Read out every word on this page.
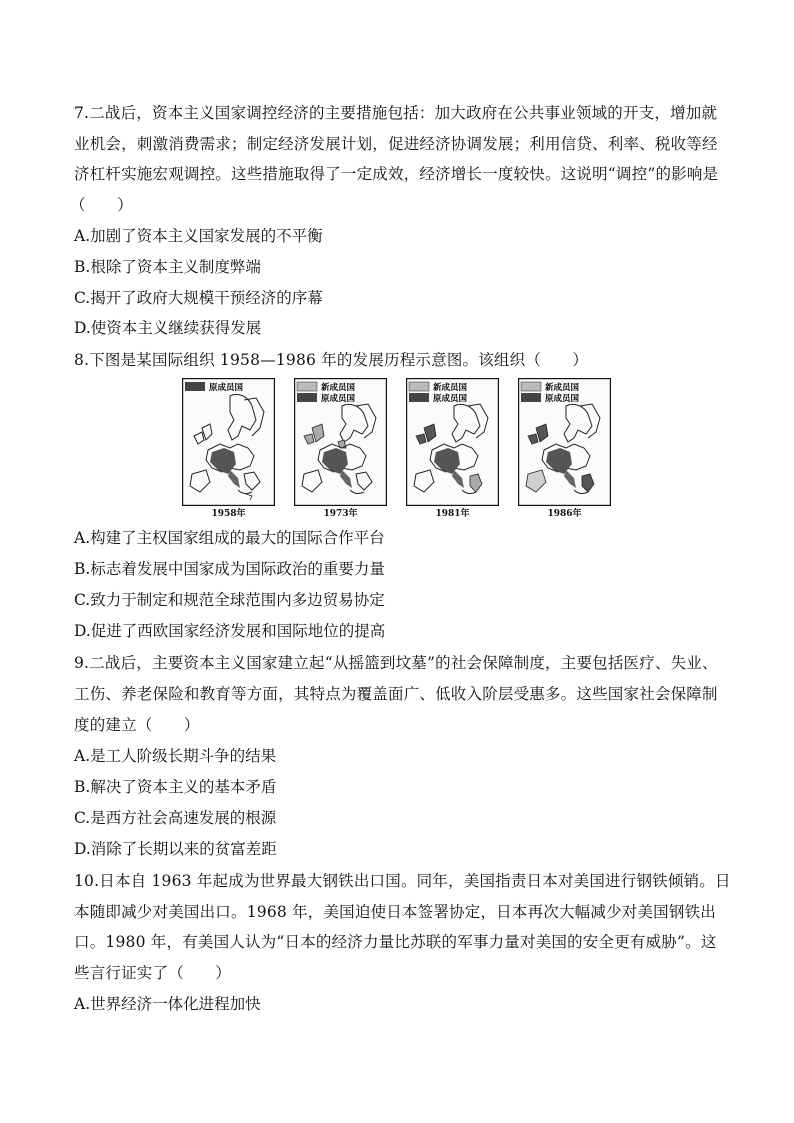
7.二战后，资本主义国家调控经济的主要措施包括：加大政府在公共事业领域的开支，增加就
业机会，刺激消费需求；制定经济发展计划，促进经济协调发展；利用信贷、利率、税收等经
济杠杆实施宏观调控。这些措施取得了一定成效，经济增长一度较快。这说明“调控”的影响是
（　　）
A.加剧了资本主义国家发展的不平衡
B.根除了资本主义制度弊端
C.揭开了政府大规模干预经济的序幕
D.使资本主义继续获得发展
8.下图是某国际组织 1958—1986 年的发展历程示意图。该组织（　　）
原成员国
1958年
新成员国
原成员国
1973年
新成员国
原成员国
1981年
新成员国
原成员国
1986年
A.构建了主权国家组成的最大的国际合作平台
B.标志着发展中国家成为国际政治的重要力量
C.致力于制定和规范全球范围内多边贸易协定
D.促进了西欧国家经济发展和国际地位的提高
9.二战后，主要资本主义国家建立起“从摇篮到坟墓”的社会保障制度，主要包括医疗、失业、
工伤、养老保险和教育等方面，其特点为覆盖面广、低收入阶层受惠多。这些国家社会保障制
度的建立（　　）
A.是工人阶级长期斗争的结果
B.解决了资本主义的基本矛盾
C.是西方社会高速发展的根源
D.消除了长期以来的贫富差距
10.日本自 1963 年起成为世界最大钢铁出口国。同年，美国指责日本对美国进行钢铁倾销。日
本随即减少对美国出口。1968 年，美国迫使日本签署协定，日本再次大幅减少对美国钢铁出
口。1980 年，有美国人认为“日本的经济力量比苏联的军事力量对美国的安全更有威胁”。这
些言行证实了（　　）
A.世界经济一体化进程加快
